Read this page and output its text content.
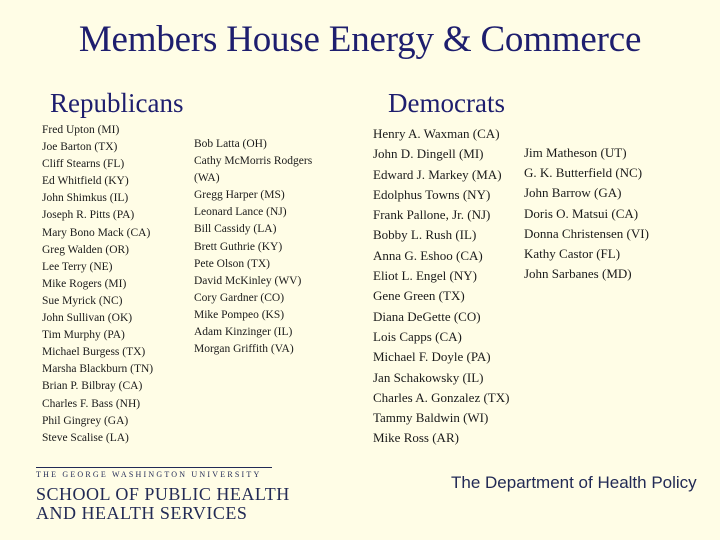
Members House Energy & Commerce
Republicans	Democrats
Fred Upton (MI)
Joe Barton (TX)
Cliff Stearns (FL)
Ed Whitfield (KY)
John Shimkus (IL)
Joseph R. Pitts (PA)
Mary Bono Mack (CA)
Greg Walden (OR)
Lee Terry (NE)
Mike Rogers (MI)
Sue Myrick (NC)
John Sullivan (OK)
Tim Murphy (PA)
Michael Burgess (TX)
Marsha Blackburn (TN)
Brian P. Bilbray (CA)
Charles F. Bass (NH)
Phil Gingrey (GA)
Steve Scalise (LA)
Bob Latta (OH)
Cathy McMorris Rodgers (WA)
Gregg Harper (MS)
Leonard Lance (NJ)
Bill Cassidy (LA)
Brett Guthrie (KY)
Pete Olson (TX)
David McKinley (WV)
Cory Gardner (CO)
Mike Pompeo (KS)
Adam Kinzinger (IL)
Morgan Griffith (VA)
Henry A. Waxman (CA)
John D. Dingell (MI)
Edward J. Markey (MA)
Edolphus Towns (NY)
Frank Pallone, Jr. (NJ)
Bobby L. Rush (IL)
Anna G. Eshoo (CA)
Eliot L. Engel (NY)
Gene Green (TX)
Diana DeGette (CO)
Lois Capps (CA)
Michael F. Doyle (PA)
Jan Schakowsky (IL)
Charles A. Gonzalez (TX)
Tammy Baldwin (WI)
Mike Ross (AR)
Jim Matheson (UT)
G. K. Butterfield (NC)
John Barrow (GA)
Doris O. Matsui (CA)
Donna Christensen (VI)
Kathy Castor (FL)
John Sarbanes (MD)
THE GEORGE WASHINGTON UNIVERSITY
SCHOOL OF PUBLIC HEALTH
AND HEALTH SERVICES
The Department of Health Policy
